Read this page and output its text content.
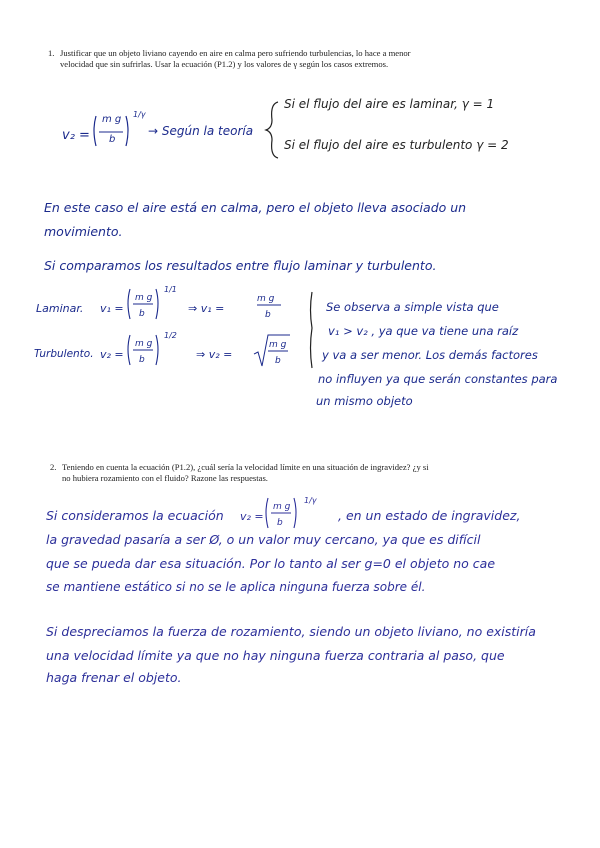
1. Justificar que un objeto liviano cayendo en aire en calma pero sufriendo turbulencias, lo hace a menor
velocidad que sin sufrirlas. Usar la ecuación (P1.2) y los valores de γ según los casos extremos.
v₂ =
m g
b
1/γ
→ Según la teoría
Si el flujo del aire es laminar, γ = 1
Si el flujo del aire es turbulento γ = 2
En este caso el aire está en calma, pero el objeto lleva asociado un
movimiento.
Si comparamos los resultados entre flujo laminar y turbulento.
Laminar. v₁ =
m g
b
1/1
⇒ v₁ =
m g
b
Turbulento. v₂ =
m g
b
1/2
⇒ v₂ =
m g
b
Se observa a simple vista que
v₁ > v₂ , ya que va tiene una raíz
y va a ser menor. Los demás factores
no influyen ya que serán constantes para
un mismo objeto
2. Teniendo en cuenta la ecuación (P1.2), ¿cuál sería la velocidad límite en una situación de ingravidez? ¿y si
no hubiera rozamiento con el fluido? Razone las respuestas.
Si consideramos la ecuación v₂ =
m g
b
1/γ
, en un estado de ingravidez,
la gravedad pasaría a ser Ø, o un valor muy cercano, ya que es difícil
que se pueda dar esa situación. Por lo tanto al ser g=0 el objeto no cae
se mantiene estático si no se le aplica ninguna fuerza sobre él.
Si despreciamos la fuerza de rozamiento, siendo un objeto liviano, no existiría
una velocidad límite ya que no hay ninguna fuerza contraria al paso, que
haga frenar el objeto.
